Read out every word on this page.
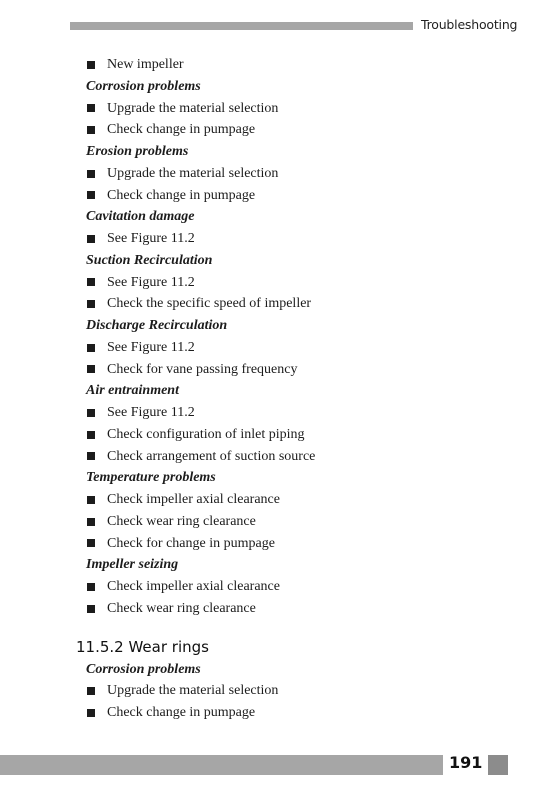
Troubleshooting
New impeller
Corrosion problems
Upgrade the material selection
Check change in pumpage
Erosion problems
Upgrade the material selection
Check change in pumpage
Cavitation damage
See Figure 11.2
Suction Recirculation
See Figure 11.2
Check the specific speed of impeller
Discharge Recirculation
See Figure 11.2
Check for vane passing frequency
Air entrainment
See Figure 11.2
Check configuration of inlet piping
Check arrangement of suction source
Temperature problems
Check impeller axial clearance
Check wear ring clearance
Check for change in pumpage
Impeller seizing
Check impeller axial clearance
Check wear ring clearance
11.5.2 Wear rings
Corrosion problems
Upgrade the material selection
Check change in pumpage
191
